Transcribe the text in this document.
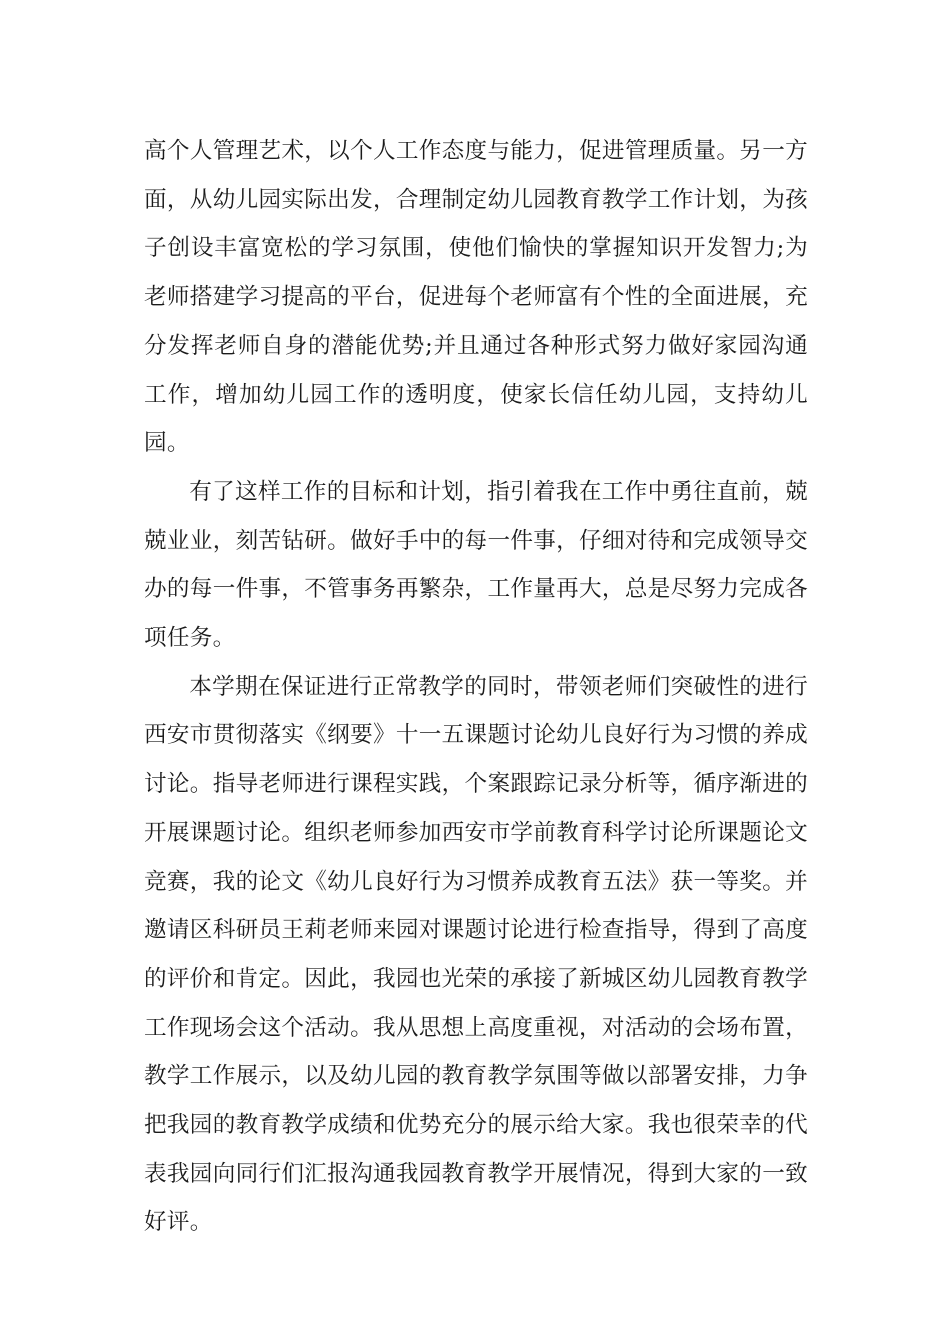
高个人管理艺术，以个人工作态度与能力，促进管理质量。另一方面，从幼儿园实际出发，合理制定幼儿园教育教学工作计划，为孩子创设丰富宽松的学习氛围，使他们愉快的掌握知识开发智力;为老师搭建学习提高的平台，促进每个老师富有个性的全面进展，充分发挥老师自身的潜能优势;并且通过各种形式努力做好家园沟通工作，增加幼儿园工作的透明度，使家长信任幼儿园，支持幼儿园。

有了这样工作的目标和计划，指引着我在工作中勇往直前，兢兢业业，刻苦钻研。做好手中的每一件事，仔细对待和完成领导交办的每一件事，不管事务再繁杂，工作量再大，总是尽努力完成各项任务。

本学期在保证进行正常教学的同时，带领老师们突破性的进行西安市贯彻落实《纲要》十一五课题讨论幼儿良好行为习惯的养成讨论。指导老师进行课程实践，个案跟踪记录分析等，循序渐进的开展课题讨论。组织老师参加西安市学前教育科学讨论所课题论文竞赛，我的论文《幼儿良好行为习惯养成教育五法》获一等奖。并邀请区科研员王莉老师来园对课题讨论进行检查指导，得到了高度的评价和肯定。因此，我园也光荣的承接了新城区幼儿园教育教学工作现场会这个活动。我从思想上高度重视，对活动的会场布置，教学工作展示，以及幼儿园的教育教学氛围等做以部署安排，力争把我园的教育教学成绩和优势充分的展示给大家。我也很荣幸的代表我园向同行们汇报沟通我园教育教学开展情况，得到大家的一致好评。
